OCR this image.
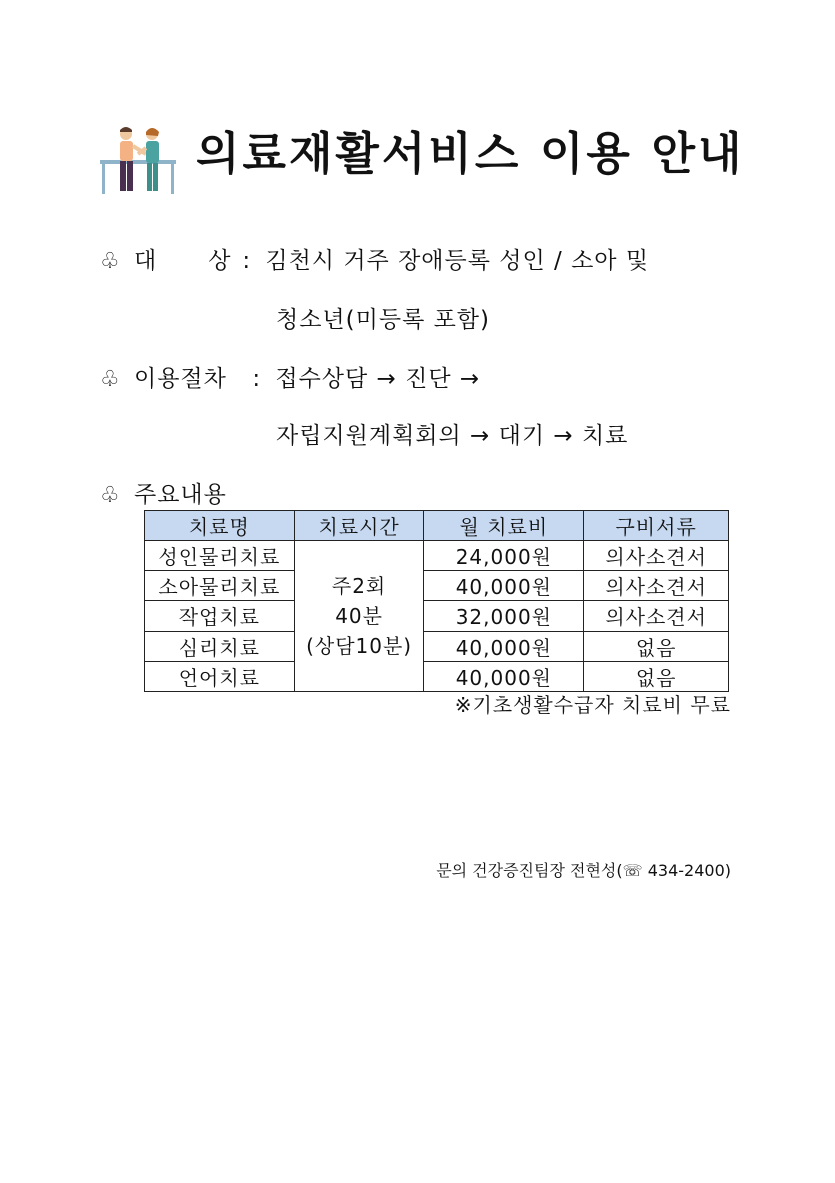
의료재활서비스 이용 안내
♧ 대 상 : 김천시 거주 장애등록 성인 / 소아 및
청소년(미등록 포함)
♧ 이용절차 : 접수상담 → 진단 →
자립지원계획회의 → 대기 → 치료
♧ 주요내용
치료명	치료시간	월 치료비	구비서류
성인물리치료	주2회
40분
(상담10분)	24,000원	의사소견서
소아물리치료		40,000원	의사소견서
작업치료		32,000원	의사소견서
심리치료		40,000원	없음
언어치료		40,000원	없음
※기초생활수급자 치료비 무료
문의 건강증진팀장 전현성(☏ 434-2400)
